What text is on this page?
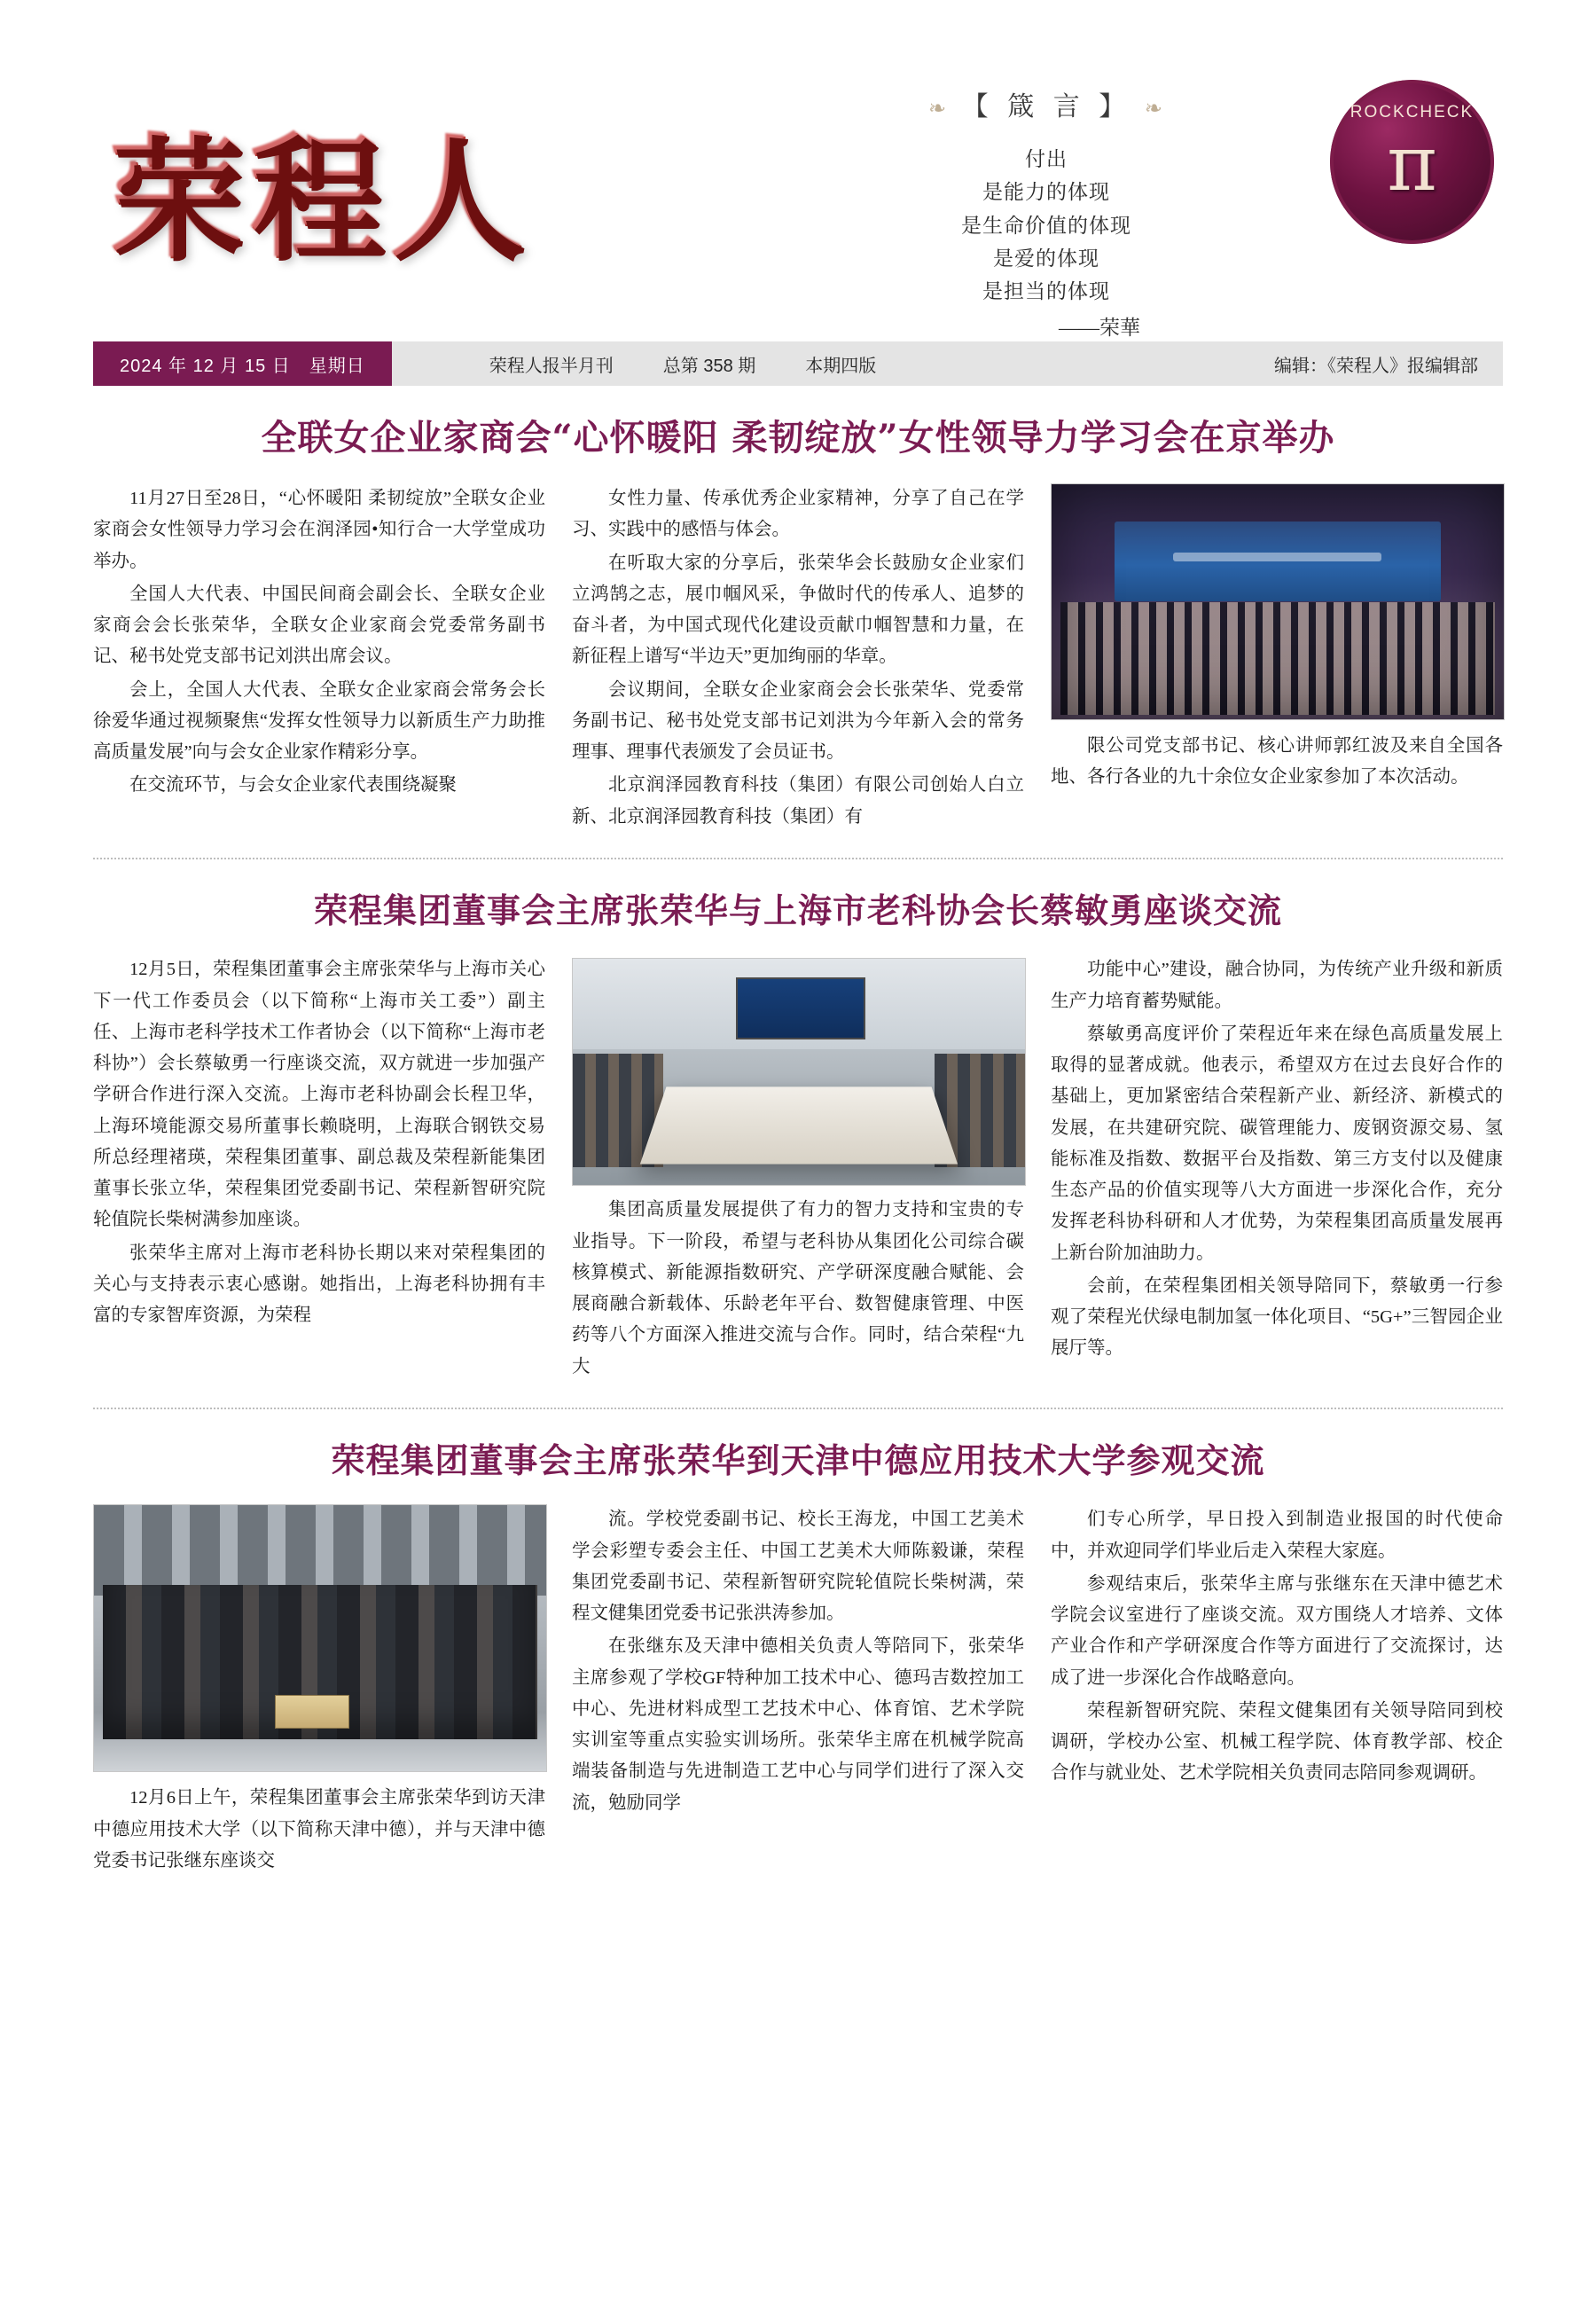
荣程人
❧ 【 箴 言 】 ❧
付出
是能力的体现
是生命价值的体现
是爱的体现
是担当的体现
——荣華
ROCKCHECK
π
2024 年 12 月 15 日　星期日	荣程人报半月刊	总第 358 期	本期四版	编辑：《荣程人》报编辑部
全联女企业家商会“心怀暖阳 柔韧绽放”女性领导力学习会在京举办

11月27日至28日，“心怀暖阳 柔韧绽放”全联女企业家商会女性领导力学习会在润泽园•知行合一大学堂成功举办。

全国人大代表、中国民间商会副会长、全联女企业家商会会长张荣华，全联女企业家商会党委常务副书记、秘书处党支部书记刘洪出席会议。

会上，全国人大代表、全联女企业家商会常务会长徐爱华通过视频聚焦“发挥女性领导力以新质生产力助推高质量发展”向与会女企业家作精彩分享。

在交流环节，与会女企业家代表围绕凝聚

女性力量、传承优秀企业家精神，分享了自己在学习、实践中的感悟与体会。

在听取大家的分享后，张荣华会长鼓励女企业家们立鸿鹄之志，展巾帼风采，争做时代的传承人、追梦的奋斗者，为中国式现代化建设贡献巾帼智慧和力量，在新征程上谱写“半边天”更加绚丽的华章。

会议期间，全联女企业家商会会长张荣华、党委常务副书记、秘书处党支部书记刘洪为今年新入会的常务理事、理事代表颁发了会员证书。

北京润泽园教育科技（集团）有限公司创始人白立新、北京润泽园教育科技（集团）有

限公司党支部书记、核心讲师郭红波及来自全国各地、各行各业的九十余位女企业家参加了本次活动。

荣程集团董事会主席张荣华与上海市老科协会长蔡敏勇座谈交流

12月5日，荣程集团董事会主席张荣华与上海市关心下一代工作委员会（以下简称“上海市关工委”）副主任、上海市老科学技术工作者协会（以下简称“上海市老科协”）会长蔡敏勇一行座谈交流，双方就进一步加强产学研合作进行深入交流。上海市老科协副会长程卫华，上海环境能源交易所董事长赖晓明，上海联合钢铁交易所总经理褚瑛，荣程集团董事、副总裁及荣程新能集团董事长张立华，荣程集团党委副书记、荣程新智研究院轮值院长柴树满参加座谈。

张荣华主席对上海市老科协长期以来对荣程集团的关心与支持表示衷心感谢。她指出，上海老科协拥有丰富的专家智库资源，为荣程

集团高质量发展提供了有力的智力支持和宝贵的专业指导。下一阶段，希望与老科协从集团化公司综合碳核算模式、新能源指数研究、产学研深度融合赋能、会展商融合新载体、乐龄老年平台、数智健康管理、中医药等八个方面深入推进交流与合作。同时，结合荣程“九大

功能中心”建设，融合协同，为传统产业升级和新质生产力培育蓄势赋能。

蔡敏勇高度评价了荣程近年来在绿色高质量发展上取得的显著成就。他表示，希望双方在过去良好合作的基础上，更加紧密结合荣程新产业、新经济、新模式的发展，在共建研究院、碳管理能力、废钢资源交易、氢能标准及指数、数据平台及指数、第三方支付以及健康生态产品的价值实现等八大方面进一步深化合作，充分发挥老科协科研和人才优势，为荣程集团高质量发展再上新台阶加油助力。

会前，在荣程集团相关领导陪同下，蔡敏勇一行参观了荣程光伏绿电制加氢一体化项目、“5G+”三智园企业展厅等。

荣程集团董事会主席张荣华到天津中德应用技术大学参观交流

12月6日上午，荣程集团董事会主席张荣华到访天津中德应用技术大学（以下简称天津中德），并与天津中德党委书记张继东座谈交

流。学校党委副书记、校长王海龙，中国工艺美术学会彩塑专委会主任、中国工艺美术大师陈毅谦，荣程集团党委副书记、荣程新智研究院轮值院长柴树满，荣程文健集团党委书记张洪涛参加。

在张继东及天津中德相关负责人等陪同下，张荣华主席参观了学校GF特种加工技术中心、德玛吉数控加工中心、先进材料成型工艺技术中心、体育馆、艺术学院实训室等重点实验实训场所。张荣华主席在机械学院高端装备制造与先进制造工艺中心与同学们进行了深入交流，勉励同学

们专心所学，早日投入到制造业报国的时代使命中，并欢迎同学们毕业后走入荣程大家庭。

参观结束后，张荣华主席与张继东在天津中德艺术学院会议室进行了座谈交流。双方围绕人才培养、文体产业合作和产学研深度合作等方面进行了交流探讨，达成了进一步深化合作战略意向。

荣程新智研究院、荣程文健集团有关领导陪同到校调研，学校办公室、机械工程学院、体育教学部、校企合作与就业处、艺术学院相关负责同志陪同参观调研。
